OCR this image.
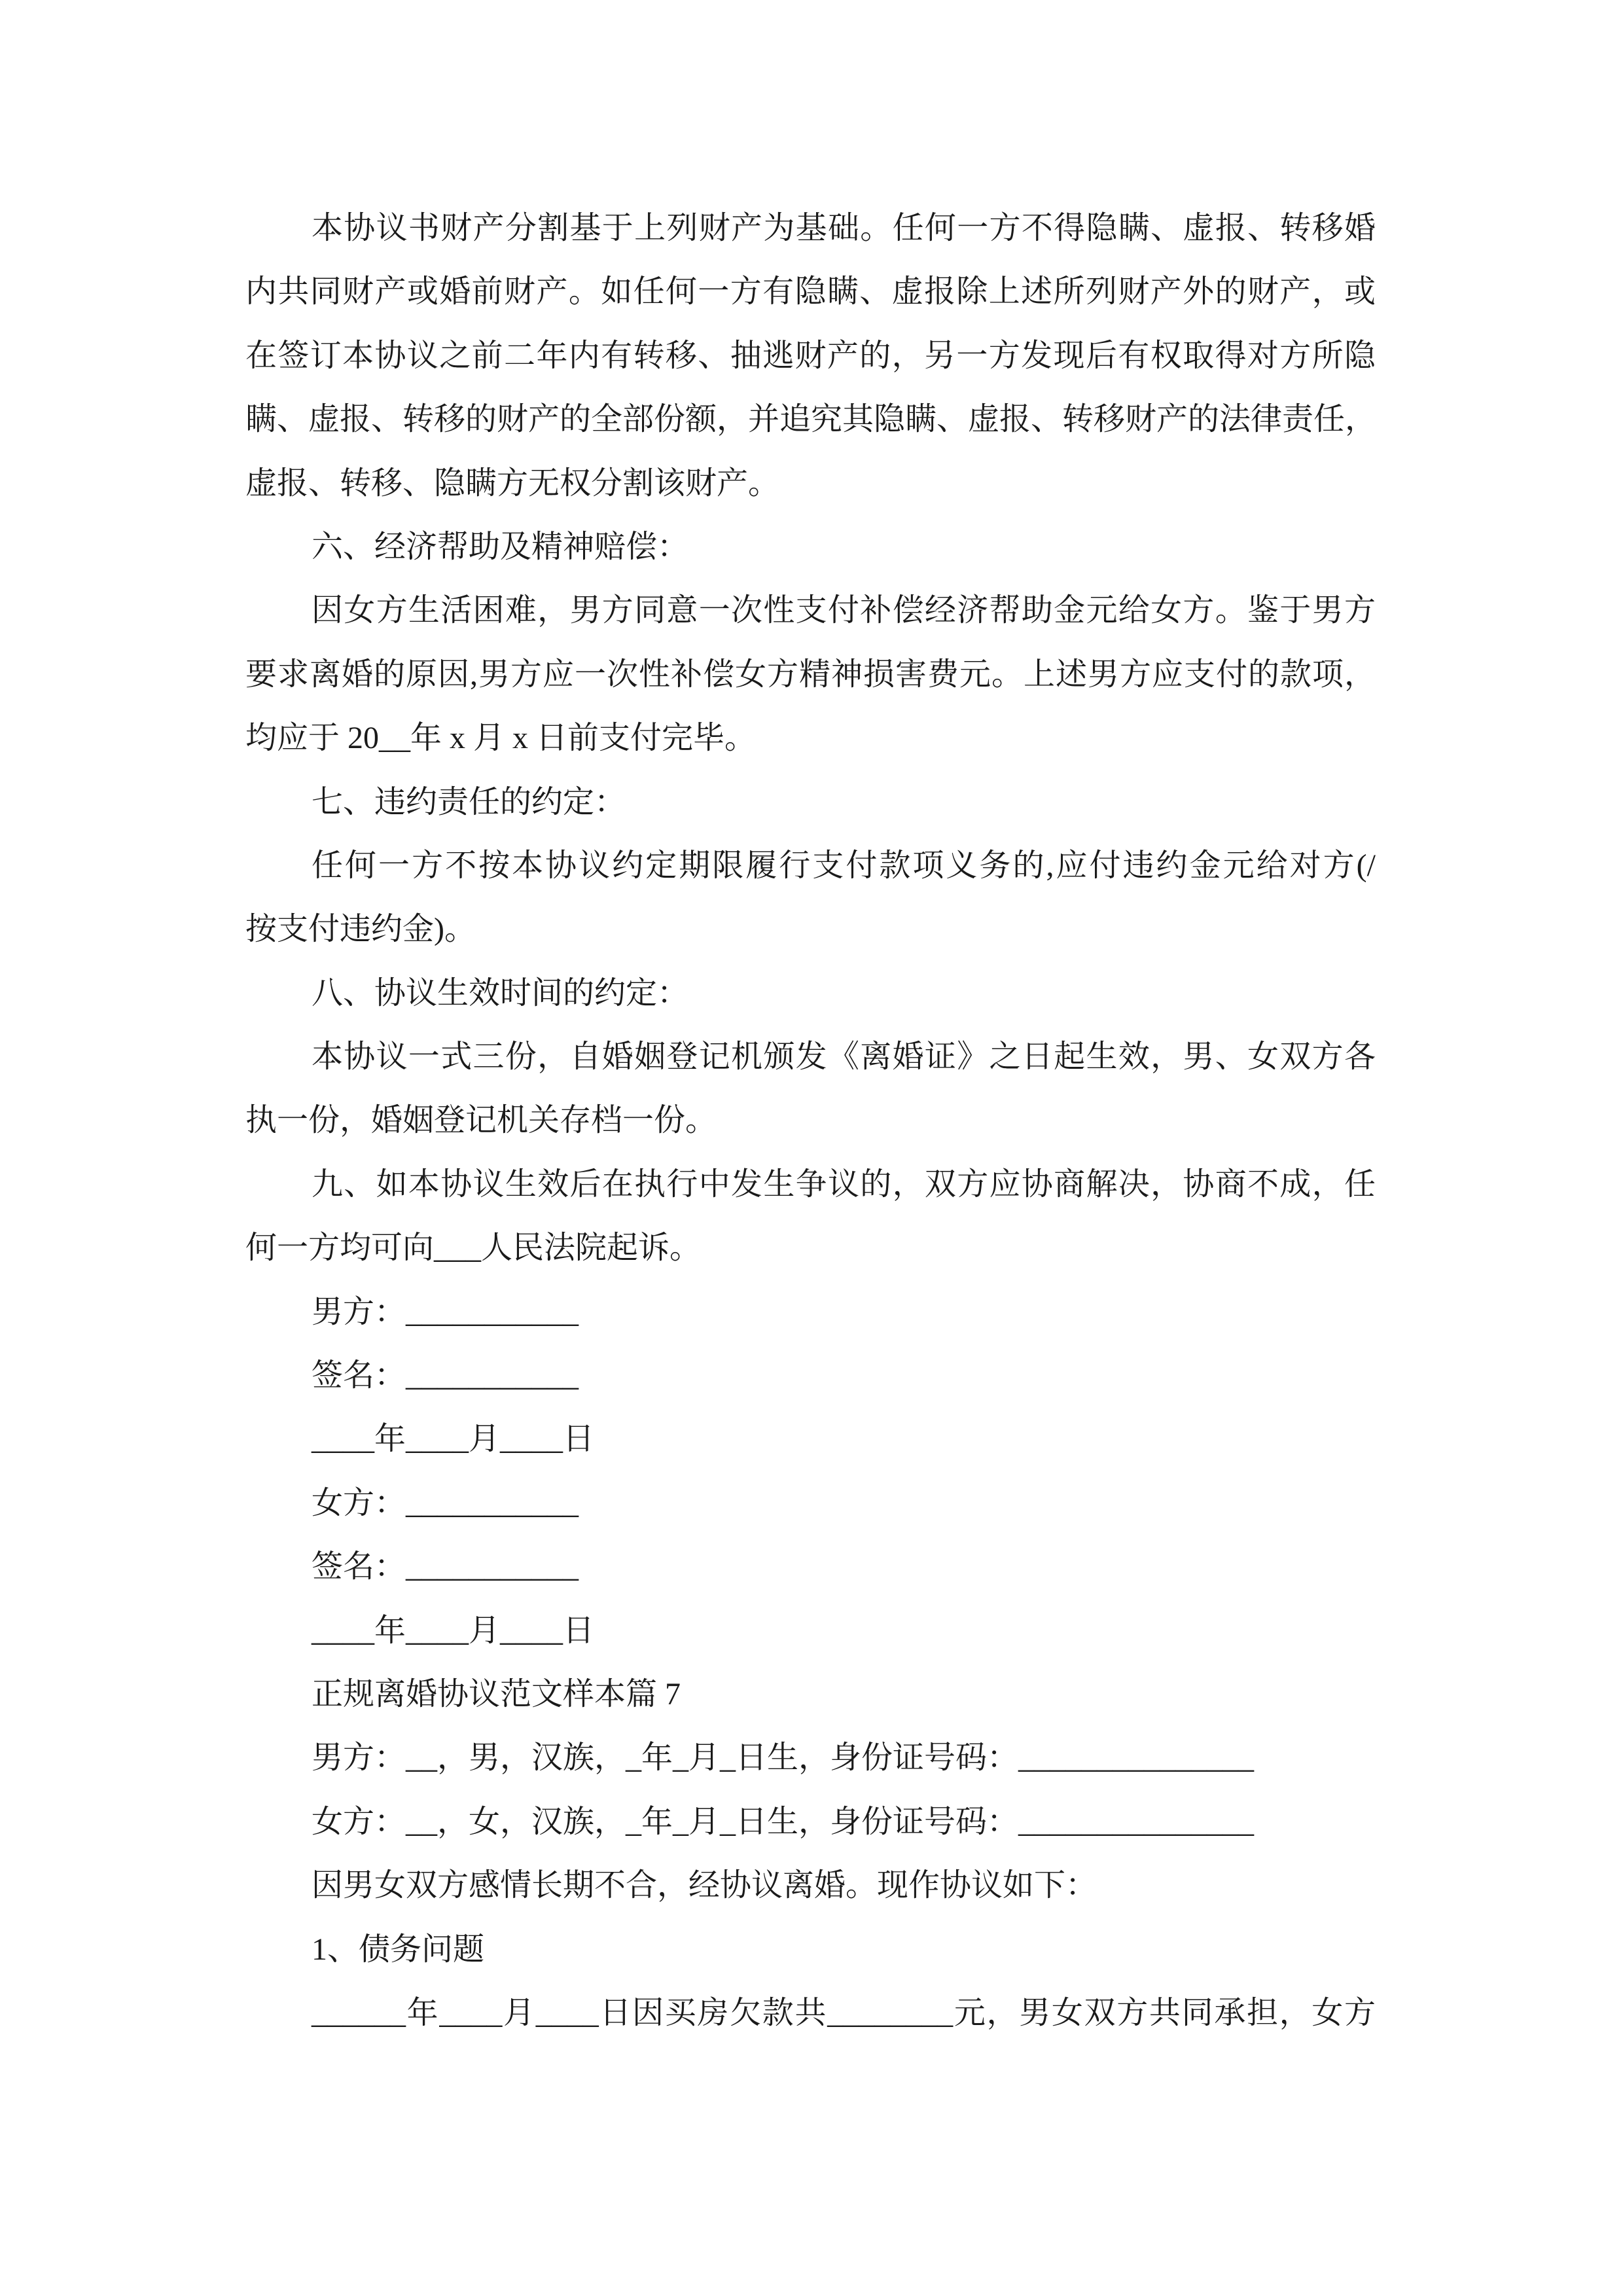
本协议书财产分割基于上列财产为基础。任何一方不得隐瞒、虚报、转移婚
内共同财产或婚前财产。如任何一方有隐瞒、虚报除上述所列财产外的财产，或
在签订本协议之前二年内有转移、抽逃财产的，另一方发现后有权取得对方所隐
瞒、虚报、转移的财产的全部份额，并追究其隐瞒、虚报、转移财产的法律责任，
虚报、转移、隐瞒方无权分割该财产。
六、经济帮助及精神赔偿：
因女方生活困难，男方同意一次性支付补偿经济帮助金元给女方。鉴于男方
要求离婚的原因,男方应一次性补偿女方精神损害费元。上述男方应支付的款项，
均应于 20__年 x 月 x 日前支付完毕。
七、违约责任的约定：
任何一方不按本协议约定期限履行支付款项义务的,应付违约金元给对方(/
按支付违约金)。
八、协议生效时间的约定：
本协议一式三份，自婚姻登记机颁发《离婚证》之日起生效，男、女双方各
执一份，婚姻登记机关存档一份。
九、如本协议生效后在执行中发生争议的，双方应协商解决，协商不成，任
何一方均可向___人民法院起诉。
男方：___________
签名：___________
____年____月____日
女方：___________
签名：___________
____年____月____日
正规离婚协议范文样本篇 7
男方：__，男，汉族，_年_月_日生，身份证号码：_______________
女方：__，女，汉族，_年_月_日生，身份证号码：_______________
因男女双方感情长期不合，经协议离婚。现作协议如下：
1、债务问题
______年____月____日因买房欠款共________元，男女双方共同承担，女方
